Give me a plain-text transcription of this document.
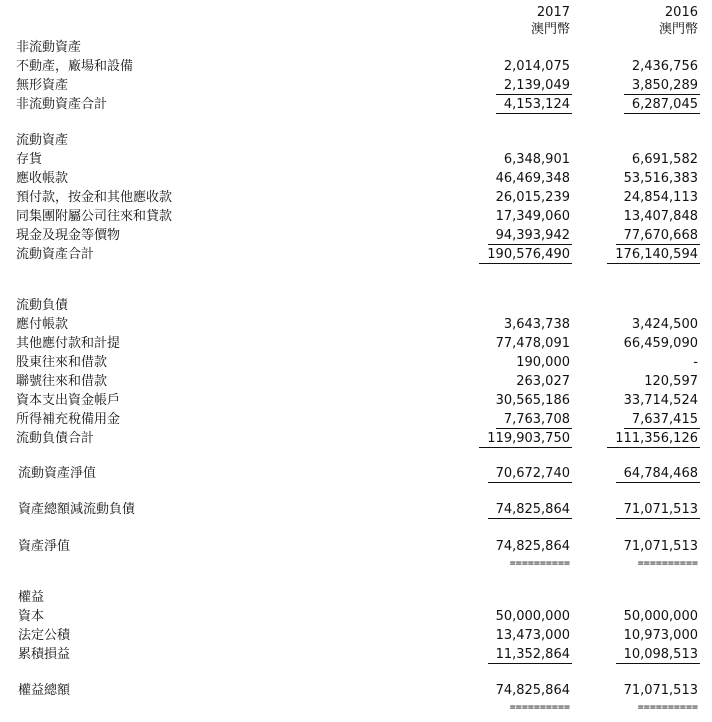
2017	2016
澳門幣	澳門幣
非流動資產
不動產，廠場和設備	2,014,075	2,436,756
無形資產	2,139,049	3,850,289
非流動資產合計	4,153,124	6,287,045
流動資產
存貨	6,348,901	6,691,582
應收帳款	46,469,348	53,516,383
預付款，按金和其他應收款	26,015,239	24,854,113
同集團附屬公司往來和貸款	17,349,060	13,407,848
現金及現金等價物	94,393,942	77,670,668
流動資產合計	190,576,490	176,140,594
流動負債
應付帳款	3,643,738	3,424,500
其他應付款和計提	77,478,091	66,459,090
股東往來和借款	190,000	-
聯號往來和借款	263,027	120,597
資本支出資金帳戶	30,565,186	33,714,524
所得補充稅備用金	7,763,708	7,637,415
流動負債合計	119,903,750	111,356,126
流動資產淨值	70,672,740	64,784,468
資產總額減流動負債	74,825,864	71,071,513
資產淨值	74,825,864	71,071,513
==========	==========
權益
資本	50,000,000	50,000,000
法定公積	13,473,000	10,973,000
累積損益	11,352,864	10,098,513
權益總額	74,825,864	71,071,513
==========	==========
